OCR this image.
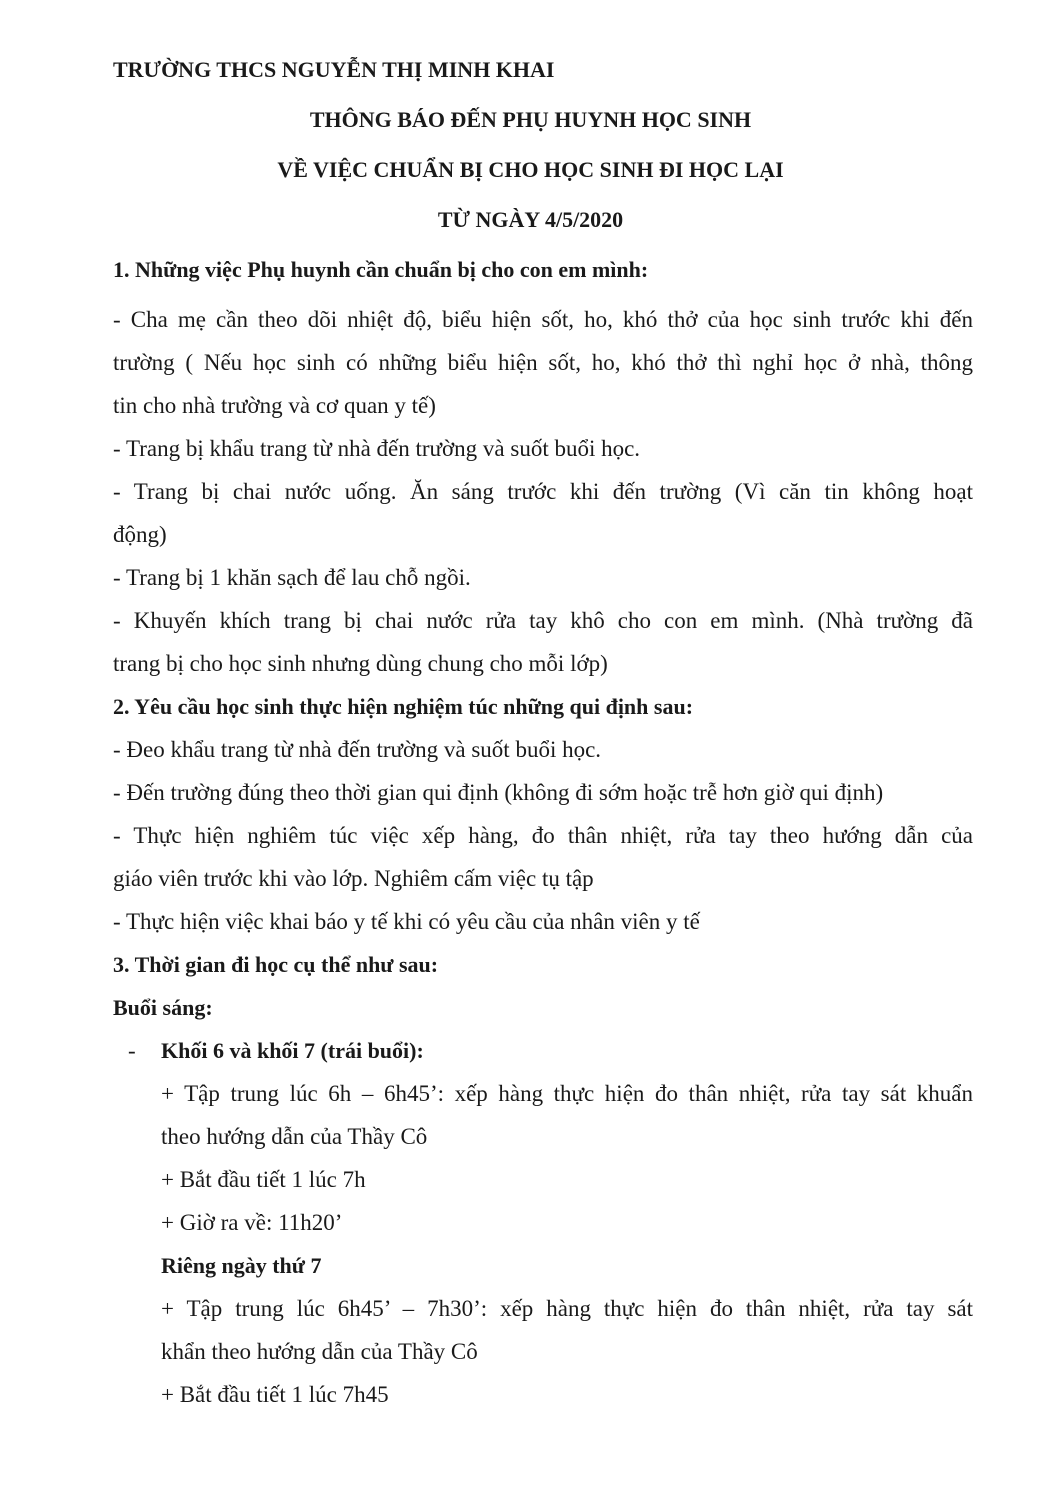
TRƯỜNG THCS NGUYỄN THỊ MINH KHAI
THÔNG BÁO ĐẾN PHỤ HUYNH HỌC SINH
VỀ VIỆC CHUẨN BỊ CHO HỌC SINH ĐI HỌC LẠI
TỪ NGÀY 4/5/2020
1. Những việc Phụ huynh cần chuẩn bị cho con em mình:
- Cha mẹ cần theo dõi nhiệt độ, biểu hiện sốt, ho, khó thở của học sinh trước khi đến
trường ( Nếu học sinh có những biểu hiện sốt, ho, khó thở thì nghỉ học ở nhà, thông
tin cho nhà trường và cơ quan y tế)
- Trang bị khẩu trang từ nhà đến trường và suốt buổi học.
- Trang bị chai nước uống. Ăn sáng trước khi đến trường (Vì căn tin không hoạt
động)
- Trang bị 1 khăn sạch để lau chỗ ngồi.
- Khuyến khích trang bị chai nước rửa tay khô cho con em mình. (Nhà trường đã
trang bị cho học sinh nhưng dùng chung cho mỗi lớp)
2. Yêu cầu học sinh thực hiện nghiệm túc những qui định sau:
- Đeo khẩu trang từ nhà đến trường và suốt buổi học.
- Đến trường đúng theo thời gian qui định (không đi sớm hoặc trễ hơn giờ qui định)
- Thực hiện nghiêm túc việc xếp hàng, đo thân nhiệt, rửa tay theo hướng dẫn của
giáo viên trước khi vào lớp. Nghiêm cấm việc tụ tập
- Thực hiện việc khai báo y tế khi có yêu cầu của nhân viên y tế
3. Thời gian đi học cụ thể như sau:
Buổi sáng:
- Khối 6 và khối 7 (trái buổi):
+ Tập trung lúc 6h – 6h45’: xếp hàng thực hiện đo thân nhiệt, rửa tay sát khuẩn
theo hướng dẫn của Thầy Cô
+ Bắt đầu tiết 1 lúc 7h
+ Giờ ra về: 11h20’
Riêng ngày thứ 7
+ Tập trung lúc 6h45’ – 7h30’: xếp hàng thực hiện đo thân nhiệt, rửa tay sát
khẩn theo hướng dẫn của Thầy Cô
+ Bắt đầu tiết 1 lúc 7h45
